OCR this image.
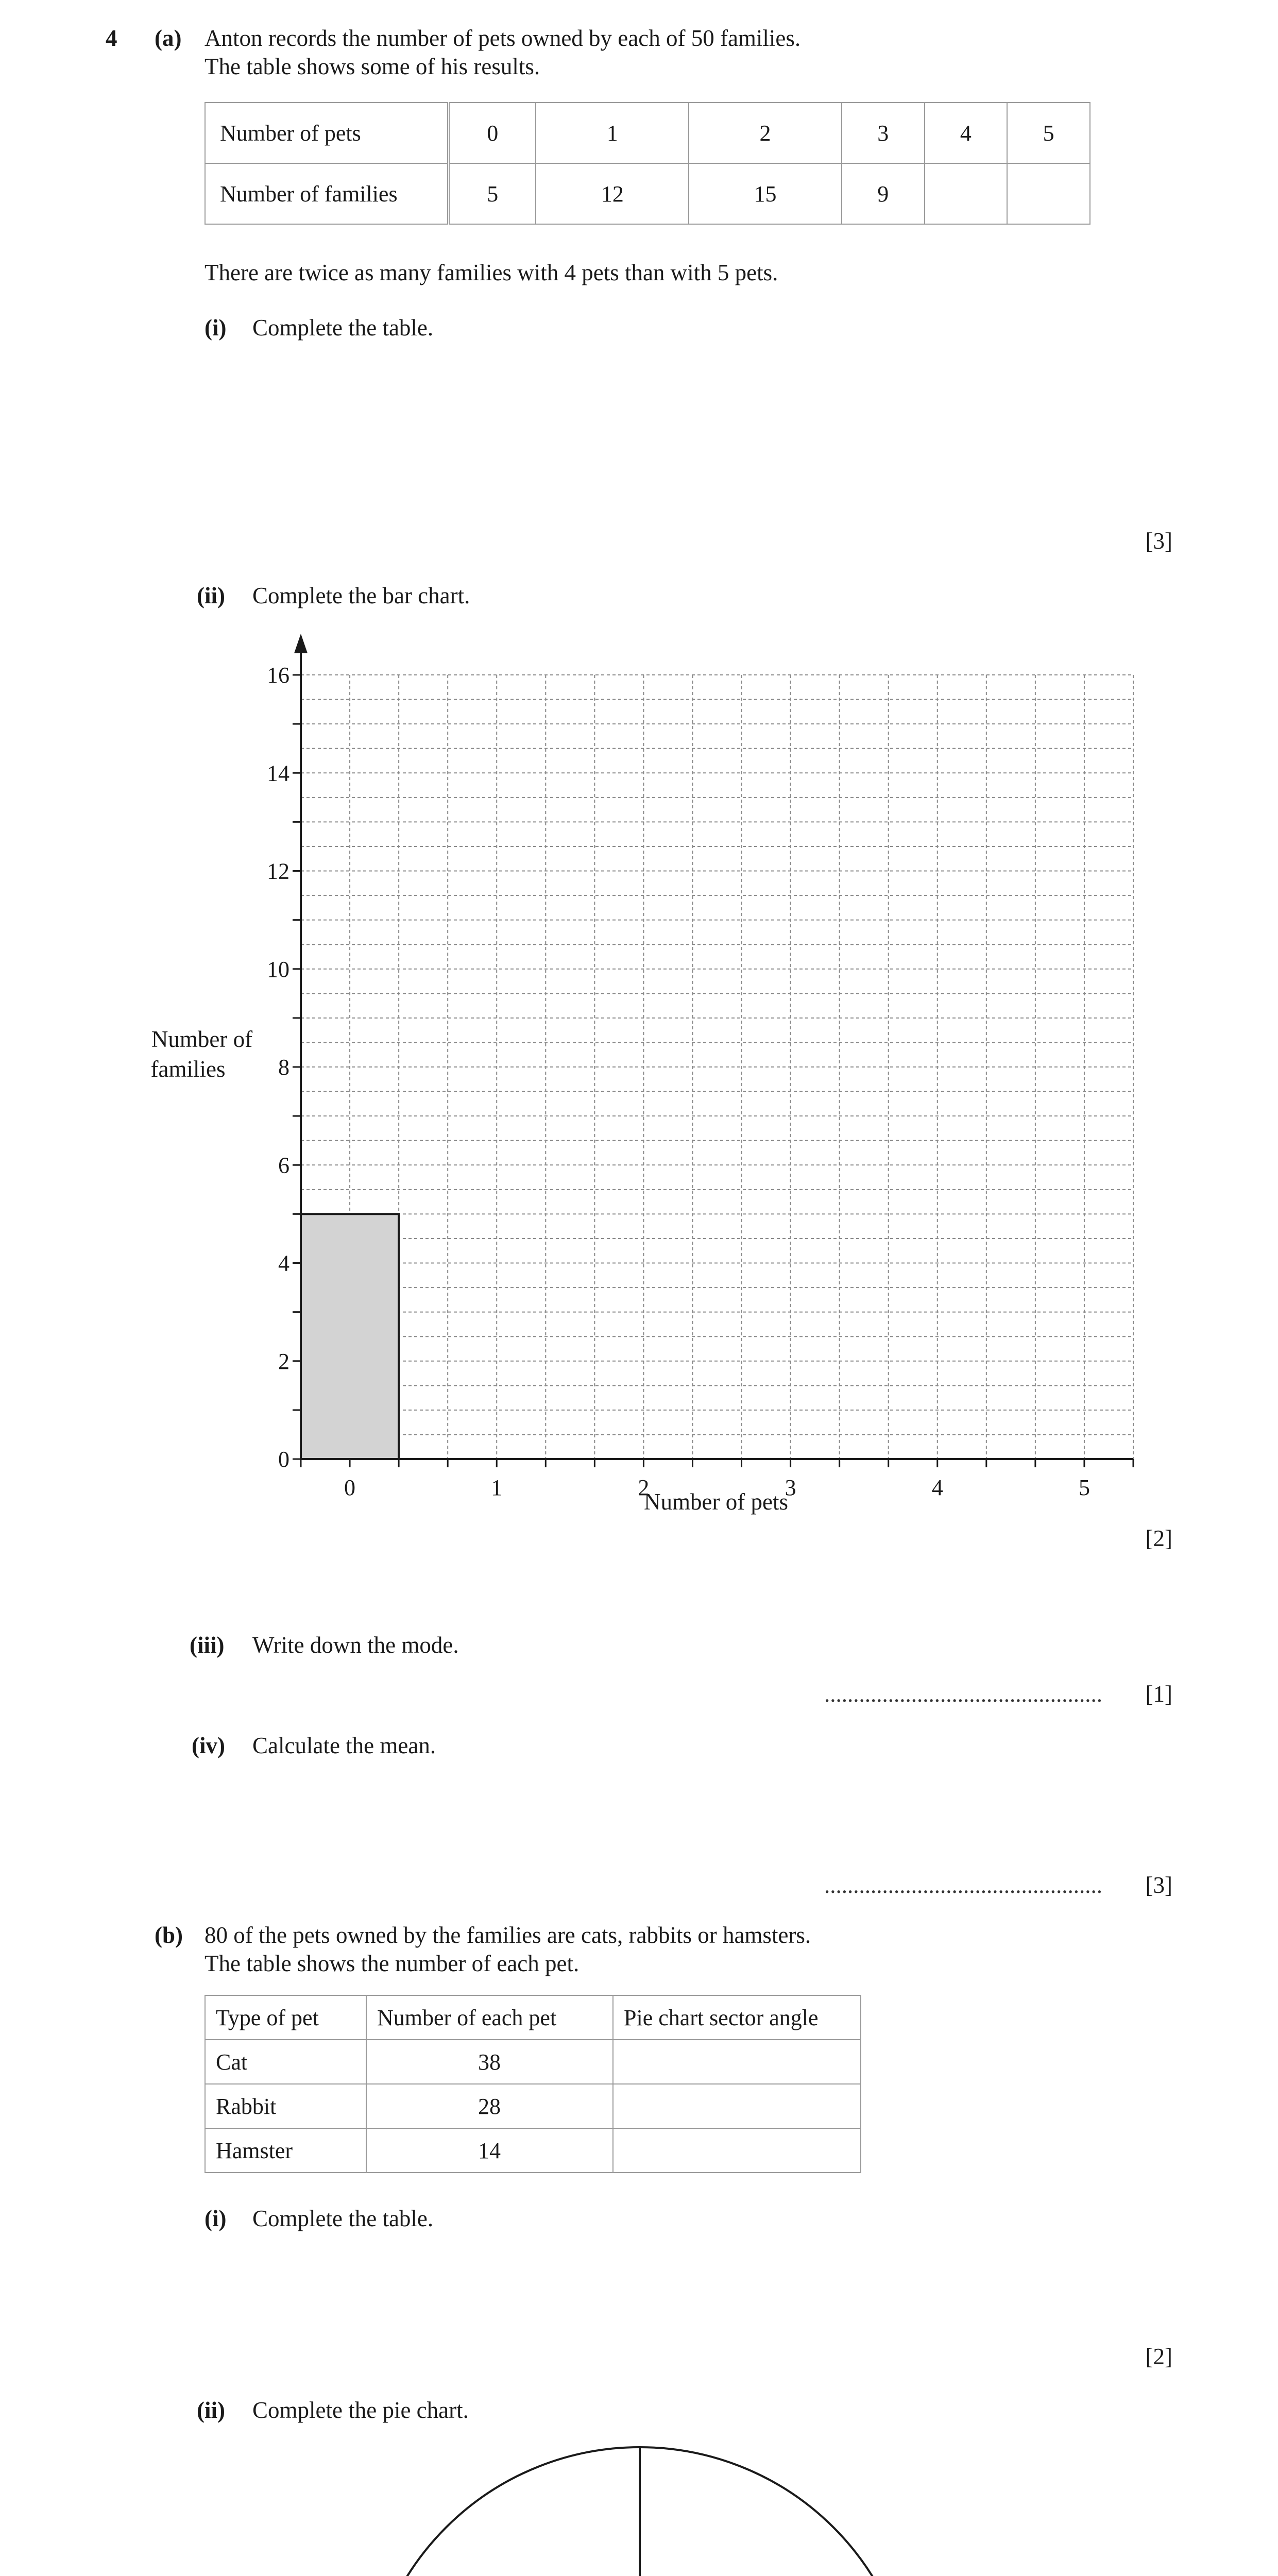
4 (a) Anton records the number of pets owned by each of 50 families.
The table shows some of his results.
Number of pets	0	1	2	3	4	5
Number of families	5	12	15	9		
There are twice as many families with 4 pets than with 5 pets.
(i) Complete the table.
[3]
(ii) Complete the bar chart.
0
2
4
6
8
10
12
14
16
0	1	2	3	4	5
Number of
families
Number of pets
[2]
(iii) Write down the mode.
................................................	[1]
(iv) Calculate the mean.
................................................	[3]
(b) 80 of the pets owned by the families are cats, rabbits or hamsters.
The table shows the number of each pet.
Type of pet	Number of each pet	Pie chart sector angle
Cat	38	
Rabbit	28	
Hamster	14	
(i) Complete the table.
[2]
(ii) Complete the pie chart.
